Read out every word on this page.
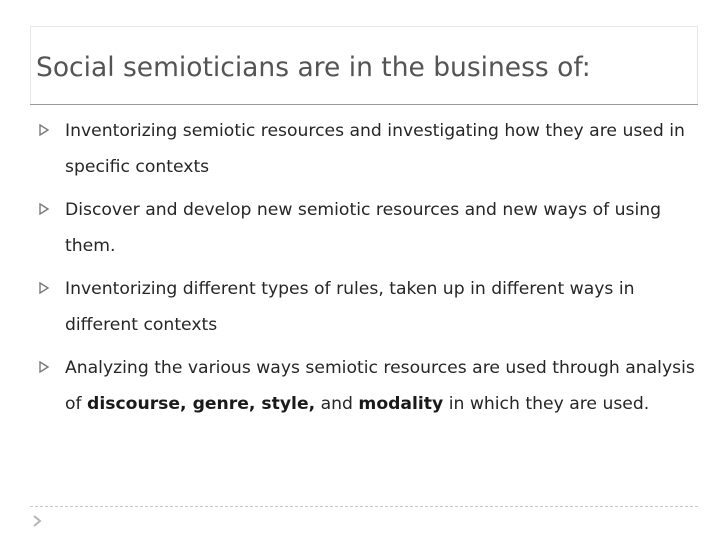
Social semioticians are in the business of:

Inventorizing semiotic resources and investigating how they are used in specific contexts

Discover and develop new semiotic resources and new ways of using them.

Inventorizing different types of rules, taken up in different ways in different contexts

Analyzing the various ways semiotic resources are used through analysis of discourse, genre, style, and modality in which they are used.
